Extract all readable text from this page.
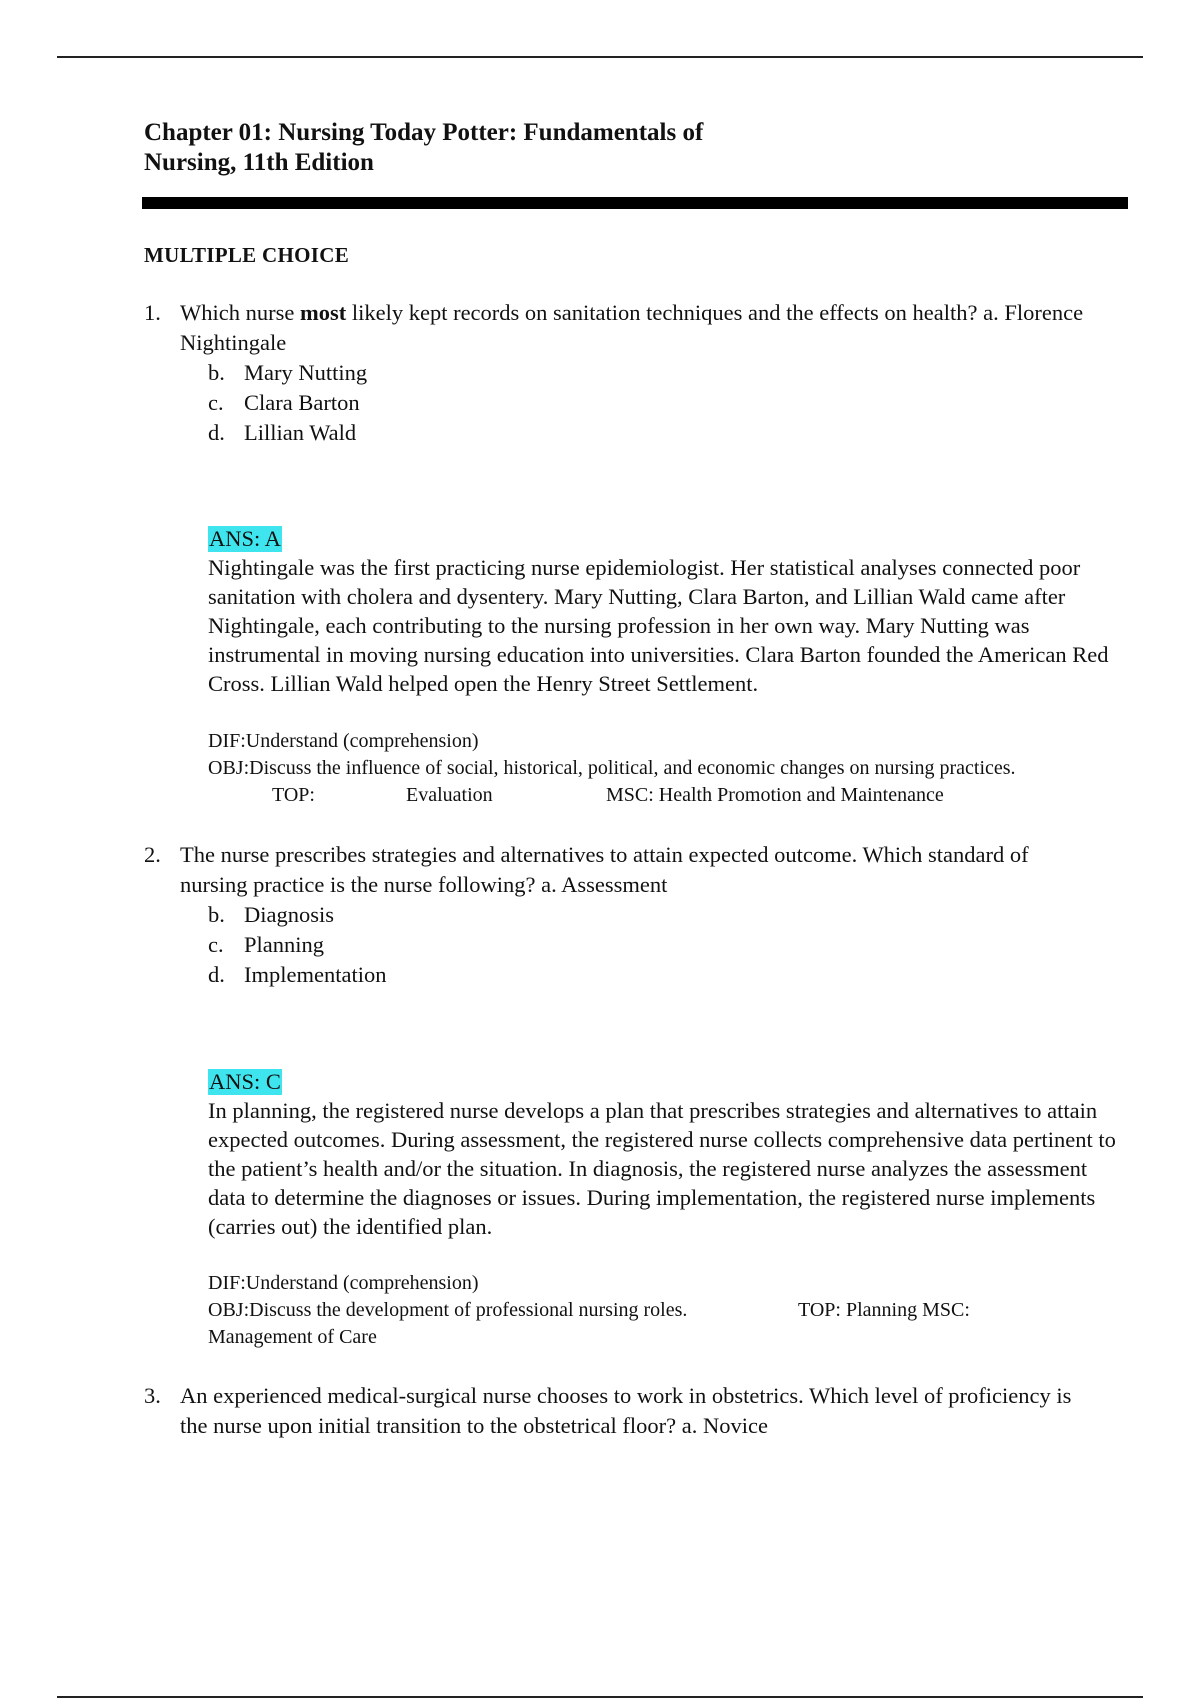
Chapter 01: Nursing Today Potter: Fundamentals of
Nursing, 11th Edition
MULTIPLE CHOICE
1. Which nurse most likely kept records on sanitation techniques and the effects on health? a. Florence Nightingale
b. Mary Nutting
c. Clara Barton
d. Lillian Wald
ANS: A
Nightingale was the first practicing nurse epidemiologist. Her statistical analyses connected poor sanitation with cholera and dysentery. Mary Nutting, Clara Barton, and Lillian Wald came after Nightingale, each contributing to the nursing profession in her own way. Mary Nutting was instrumental in moving nursing education into universities. Clara Barton founded the American Red Cross. Lillian Wald helped open the Henry Street Settlement.
DIF:Understand (comprehension)
OBJ:Discuss the influence of social, historical, political, and economic changes on nursing practices.
TOP:	Evaluation	MSC: Health Promotion and Maintenance
2. The nurse prescribes strategies and alternatives to attain expected outcome. Which standard of nursing practice is the nurse following? a. Assessment
b. Diagnosis
c. Planning
d. Implementation
ANS: C
In planning, the registered nurse develops a plan that prescribes strategies and alternatives to attain expected outcomes. During assessment, the registered nurse collects comprehensive data pertinent to the patient’s health and/or the situation. In diagnosis, the registered nurse analyzes the assessment data to determine the diagnoses or issues. During implementation, the registered nurse implements (carries out) the identified plan.
DIF:Understand (comprehension)
OBJ:Discuss the development of professional nursing roles.	TOP: Planning MSC:
Management of Care
3. An experienced medical-surgical nurse chooses to work in obstetrics. Which level of proficiency is the nurse upon initial transition to the obstetrical floor? a. Novice
